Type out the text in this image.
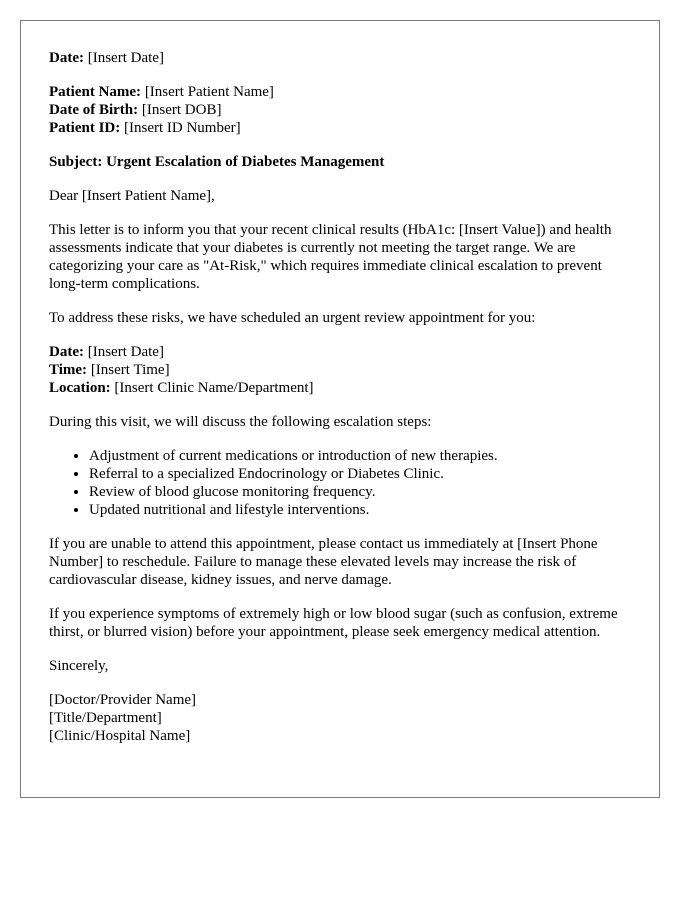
Date: [Insert Date]

Patient Name: [Insert Patient Name]
Date of Birth: [Insert DOB]
Patient ID: [Insert ID Number]

Subject: Urgent Escalation of Diabetes Management

Dear [Insert Patient Name],

This letter is to inform you that your recent clinical results (HbA1c: [Insert Value]) and health assessments indicate that your diabetes is currently not meeting the target range. We are categorizing your care as "At-Risk," which requires immediate clinical escalation to prevent long-term complications.

To address these risks, we have scheduled an urgent review appointment for you:

Date: [Insert Date]
Time: [Insert Time]
Location: [Insert Clinic Name/Department]

During this visit, we will discuss the following escalation steps:

• Adjustment of current medications or introduction of new therapies.
• Referral to a specialized Endocrinology or Diabetes Clinic.
• Review of blood glucose monitoring frequency.
• Updated nutritional and lifestyle interventions.

If you are unable to attend this appointment, please contact us immediately at [Insert Phone Number] to reschedule. Failure to manage these elevated levels may increase the risk of cardiovascular disease, kidney issues, and nerve damage.

If you experience symptoms of extremely high or low blood sugar (such as confusion, extreme thirst, or blurred vision) before your appointment, please seek emergency medical attention.

Sincerely,

[Doctor/Provider Name]
[Title/Department]
[Clinic/Hospital Name]
